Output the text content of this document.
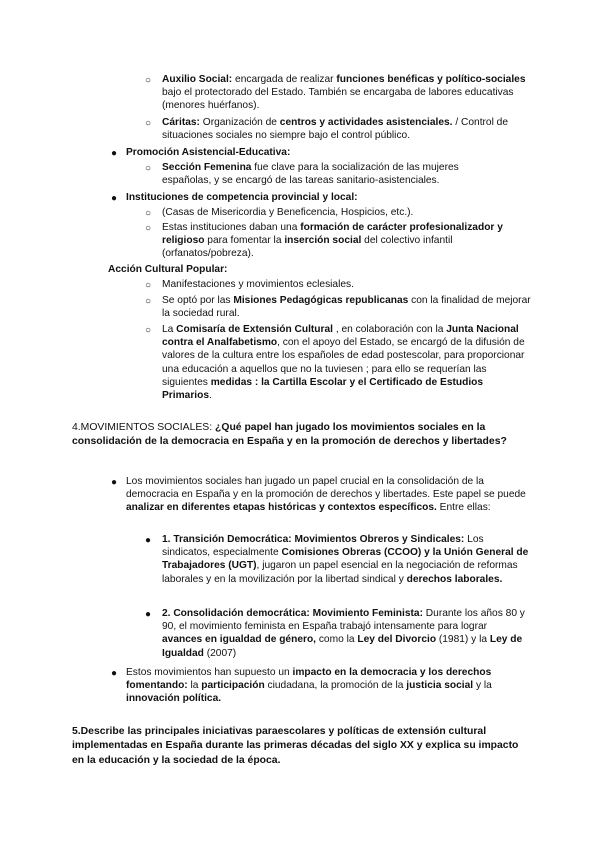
○ Auxilio Social: encargada de realizar funciones benéficas y político-sociales bajo el protectorado del Estado. También se encargaba de labores educativas (menores huérfanos).
○ Cáritas: Organización de centros y actividades asistenciales. / Control de situaciones sociales no siempre bajo el control público.
● Promoción Asistencial-Educativa:
○ Sección Femenina fue clave para la socialización de las mujeres españolas, y se encargó de las tareas sanitario-asistenciales.
● Instituciones de competencia provincial y local:
○ (Casas de Misericordia y Beneficencia, Hospicios, etc.).
○ Estas instituciones daban una formación de carácter profesionalizador y religioso para fomentar la inserción social del colectivo infantil (orfanatos/pobreza).
Acción Cultural Popular:
○ Manifestaciones y movimientos eclesiales.
○ Se optó por las Misiones Pedagógicas republicanas con la finalidad de mejorar la sociedad rural.
○ La Comisaría de Extensión Cultural , en colaboración con la Junta Nacional contra el Analfabetismo, con el apoyo del Estado, se encargó de la difusión de valores de la cultura entre los españoles de edad postescolar, para proporcionar una educación a aquellos que no la tuviesen ; para ello se requerían las siguientes medidas : la Cartilla Escolar y el Certificado de Estudios Primarios.
4.MOVIMIENTOS SOCIALES: ¿Qué papel han jugado los movimientos sociales en la consolidación de la democracia en España y en la promoción de derechos y libertades?
● Los movimientos sociales han jugado un papel crucial en la consolidación de la democracia en España y en la promoción de derechos y libertades. Este papel se puede analizar en diferentes etapas históricas y contextos específicos. Entre ellas:
● 1. Transición Democrática: Movimientos Obreros y Sindicales: Los sindicatos, especialmente Comisiones Obreras (CCOO) y la Unión General de Trabajadores (UGT), jugaron un papel esencial en la negociación de reformas laborales y en la movilización por la libertad sindical y derechos laborales.
● 2. Consolidación democrática: Movimiento Feminista: Durante los años 80 y 90, el movimiento feminista en España trabajó intensamente para lograr avances en igualdad de género, como la Ley del Divorcio (1981) y la Ley de Igualdad (2007)
● Estos movimientos han supuesto un impacto en la democracia y los derechos fomentando: la participación ciudadana, la promoción de la justicia social y la innovación política.
5.Describe las principales iniciativas paraescolares y políticas de extensión cultural implementadas en España durante las primeras décadas del siglo XX y explica su impacto en la educación y la sociedad de la época.
